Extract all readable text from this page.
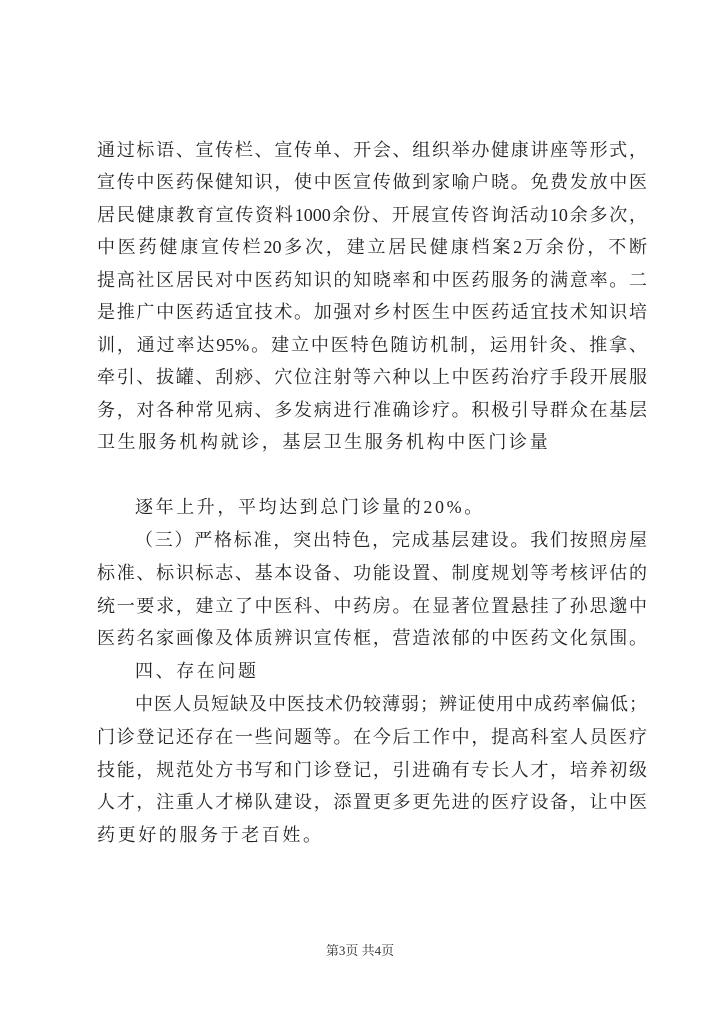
通过标语、宣传栏、宣传单、开会、组织举办健康讲座等形式，
宣传中医药保健知识，使中医宣传做到家喻户晓。免费发放中医
居民健康教育宣传资料1000余份、开展宣传咨询活动10余多次，
中医药健康宣传栏20多次，建立居民健康档案2万余份，不断
提高社区居民对中医药知识的知晓率和中医药服务的满意率。二
是推广中医药适宜技术。加强对乡村医生中医药适宜技术知识培
训，通过率达95%。建立中医特色随访机制，运用针灸、推拿、
牵引、拔罐、刮痧、穴位注射等六种以上中医药治疗手段开展服
务，对各种常见病、多发病进行准确诊疗。积极引导群众在基层
卫生服务机构就诊，基层卫生服务机构中医门诊量
逐年上升，平均达到总门诊量的20%。
（三）严格标准，突出特色，完成基层建设。我们按照房屋
标准、标识标志、基本设备、功能设置、制度规划等考核评估的
统一要求，建立了中医科、中药房。在显著位置悬挂了孙思邈中
医药名家画像及体质辨识宣传框，营造浓郁的中医药文化氛围。
四、存在问题
中医人员短缺及中医技术仍较薄弱；辨证使用中成药率偏低；
门诊登记还存在一些问题等。在今后工作中，提高科室人员医疗
技能，规范处方书写和门诊登记，引进确有专长人才，培养初级
人才，注重人才梯队建设，添置更多更先进的医疗设备，让中医
药更好的服务于老百姓。
第3页 共4页
